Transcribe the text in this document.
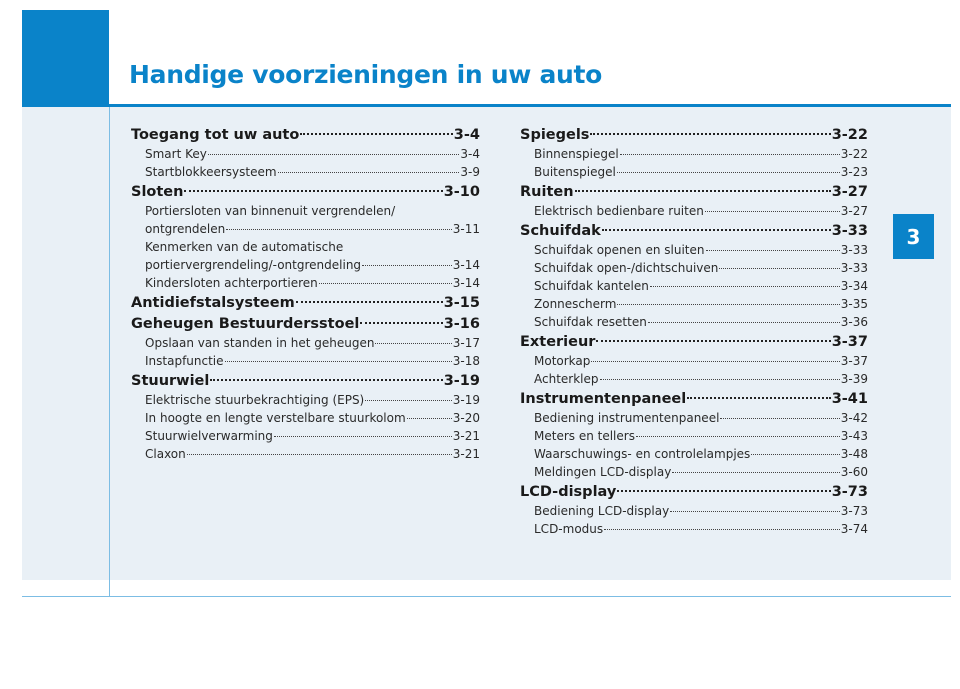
Handige voorzieningen in uw auto
3
Toegang tot uw auto	3-4
Smart Key	3-4
Startblokkeersysteem	3-9
Sloten	3-10
Portiersloten van binnenuit vergrendelen/
ontgrendelen	3-11
Kenmerken van de automatische
portiervergrendeling/-ontgrendeling	3-14
Kindersloten achterportieren	3-14
Antidiefstalsysteem	3-15
Geheugen Bestuurdersstoel	3-16
Opslaan van standen in het geheugen	3-17
Instapfunctie	3-18
Stuurwiel	3-19
Elektrische stuurbekrachtiging (EPS)	3-19
In hoogte en lengte verstelbare stuurkolom	3-20
Stuurwielverwarming	3-21
Claxon	3-21
Spiegels	3-22
Binnenspiegel	3-22
Buitenspiegel	3-23
Ruiten	3-27
Elektrisch bedienbare ruiten	3-27
Schuifdak	3-33
Schuifdak openen en sluiten	3-33
Schuifdak open-/dichtschuiven	3-33
Schuifdak kantelen	3-34
Zonnescherm	3-35
Schuifdak resetten	3-36
Exterieur	3-37
Motorkap	3-37
Achterklep	3-39
Instrumentenpaneel	3-41
Bediening instrumentenpaneel	3-42
Meters en tellers	3-43
Waarschuwings- en controlelampjes	3-48
Meldingen LCD-display	3-60
LCD-display	3-73
Bediening LCD-display	3-73
LCD-modus	3-74
